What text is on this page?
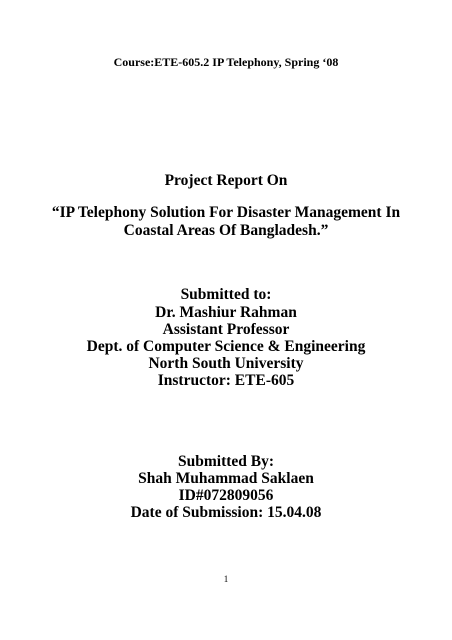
Course:ETE-605.2 IP Telephony, Spring ‘08

Project Report On

“IP Telephony Solution For Disaster Management In

Coastal Areas Of Bangladesh.”

Submitted to:

Dr. Mashiur Rahman

Assistant Professor

Dept. of Computer Science & Engineering

North South University

Instructor: ETE-605

Submitted By:

Shah Muhammad Saklaen

ID#072809056

Date of Submission: 15.04.08

1
